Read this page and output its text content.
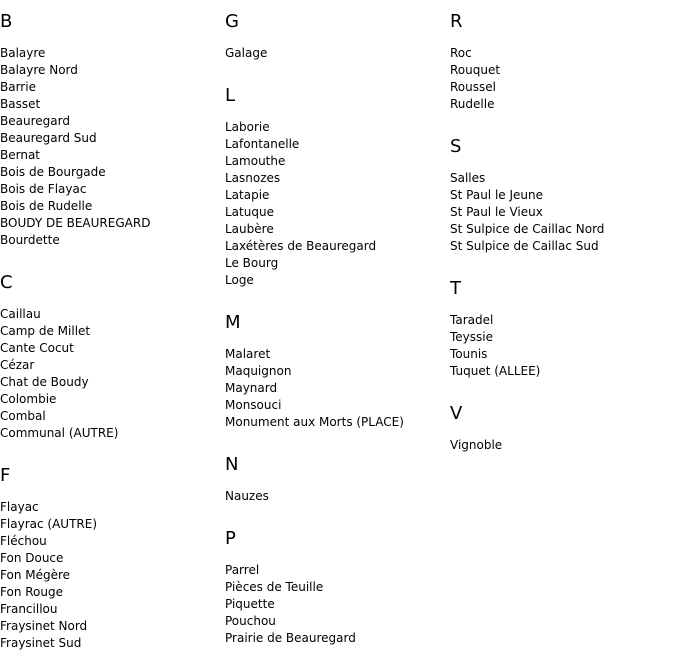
B
Balayre
Balayre Nord
Barrie
Basset
Beauregard
Beauregard Sud
Bernat
Bois de Bourgade
Bois de Flayac
Bois de Rudelle
BOUDY DE BEAUREGARD
Bourdette
C
Caillau
Camp de Millet
Cante Cocut
Cézar
Chat de Boudy
Colombie
Combal
Communal (AUTRE)
F
Flayac
Flayrac (AUTRE)
Fléchou
Fon Douce
Fon Mégère
Fon Rouge
Francillou
Fraysinet Nord
Fraysinet Sud
G
Galage
L
Laborie
Lafontanelle
Lamouthe
Lasnozes
Latapie
Latuque
Laubère
Laxétères de Beauregard
Le Bourg
Loge
M
Malaret
Maquignon
Maynard
Monsouci
Monument aux Morts (PLACE)
N
Nauzes
P
Parrel
Pièces de Teuille
Piquette
Pouchou
Prairie de Beauregard
R
Roc
Rouquet
Roussel
Rudelle
S
Salles
St Paul le Jeune
St Paul le Vieux
St Sulpice de Caillac Nord
St Sulpice de Caillac Sud
T
Taradel
Teyssie
Tounis
Tuquet (ALLEE)
V
Vignoble
